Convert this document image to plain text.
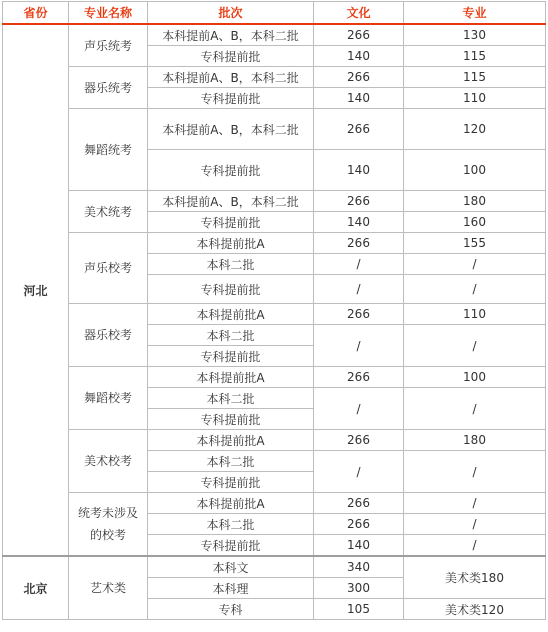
省份	专业名称	批次	文化	专业
河北	声乐统考	本科提前A、B，本科二批	266	130
		专科提前批	140	115
	器乐统考	本科提前A、B，本科二批	266	115
		专科提前批	140	110
	舞蹈统考	本科提前A、B，本科二批	266	120
		专科提前批	140	100
	美术统考	本科提前A、B，本科二批	266	180
		专科提前批	140	160
	声乐校考	本科提前批A	266	155
		本科二批	/	/
		专科提前批	/	/
	器乐校考	本科提前批A	266	110
		本科二批	/	/
		专科提前批		
	舞蹈校考	本科提前批A	266	100
		本科二批	/	/
		专科提前批		
	美术校考	本科提前批A	266	180
		本科二批	/	/
		专科提前批		
	统考未涉及的校考	本科提前批A	266	/
		本科二批	266	/
		专科提前批	140	/
北京	艺术类	本科文	340	美术类180
		本科理	300	
		专科	105	美术类120
